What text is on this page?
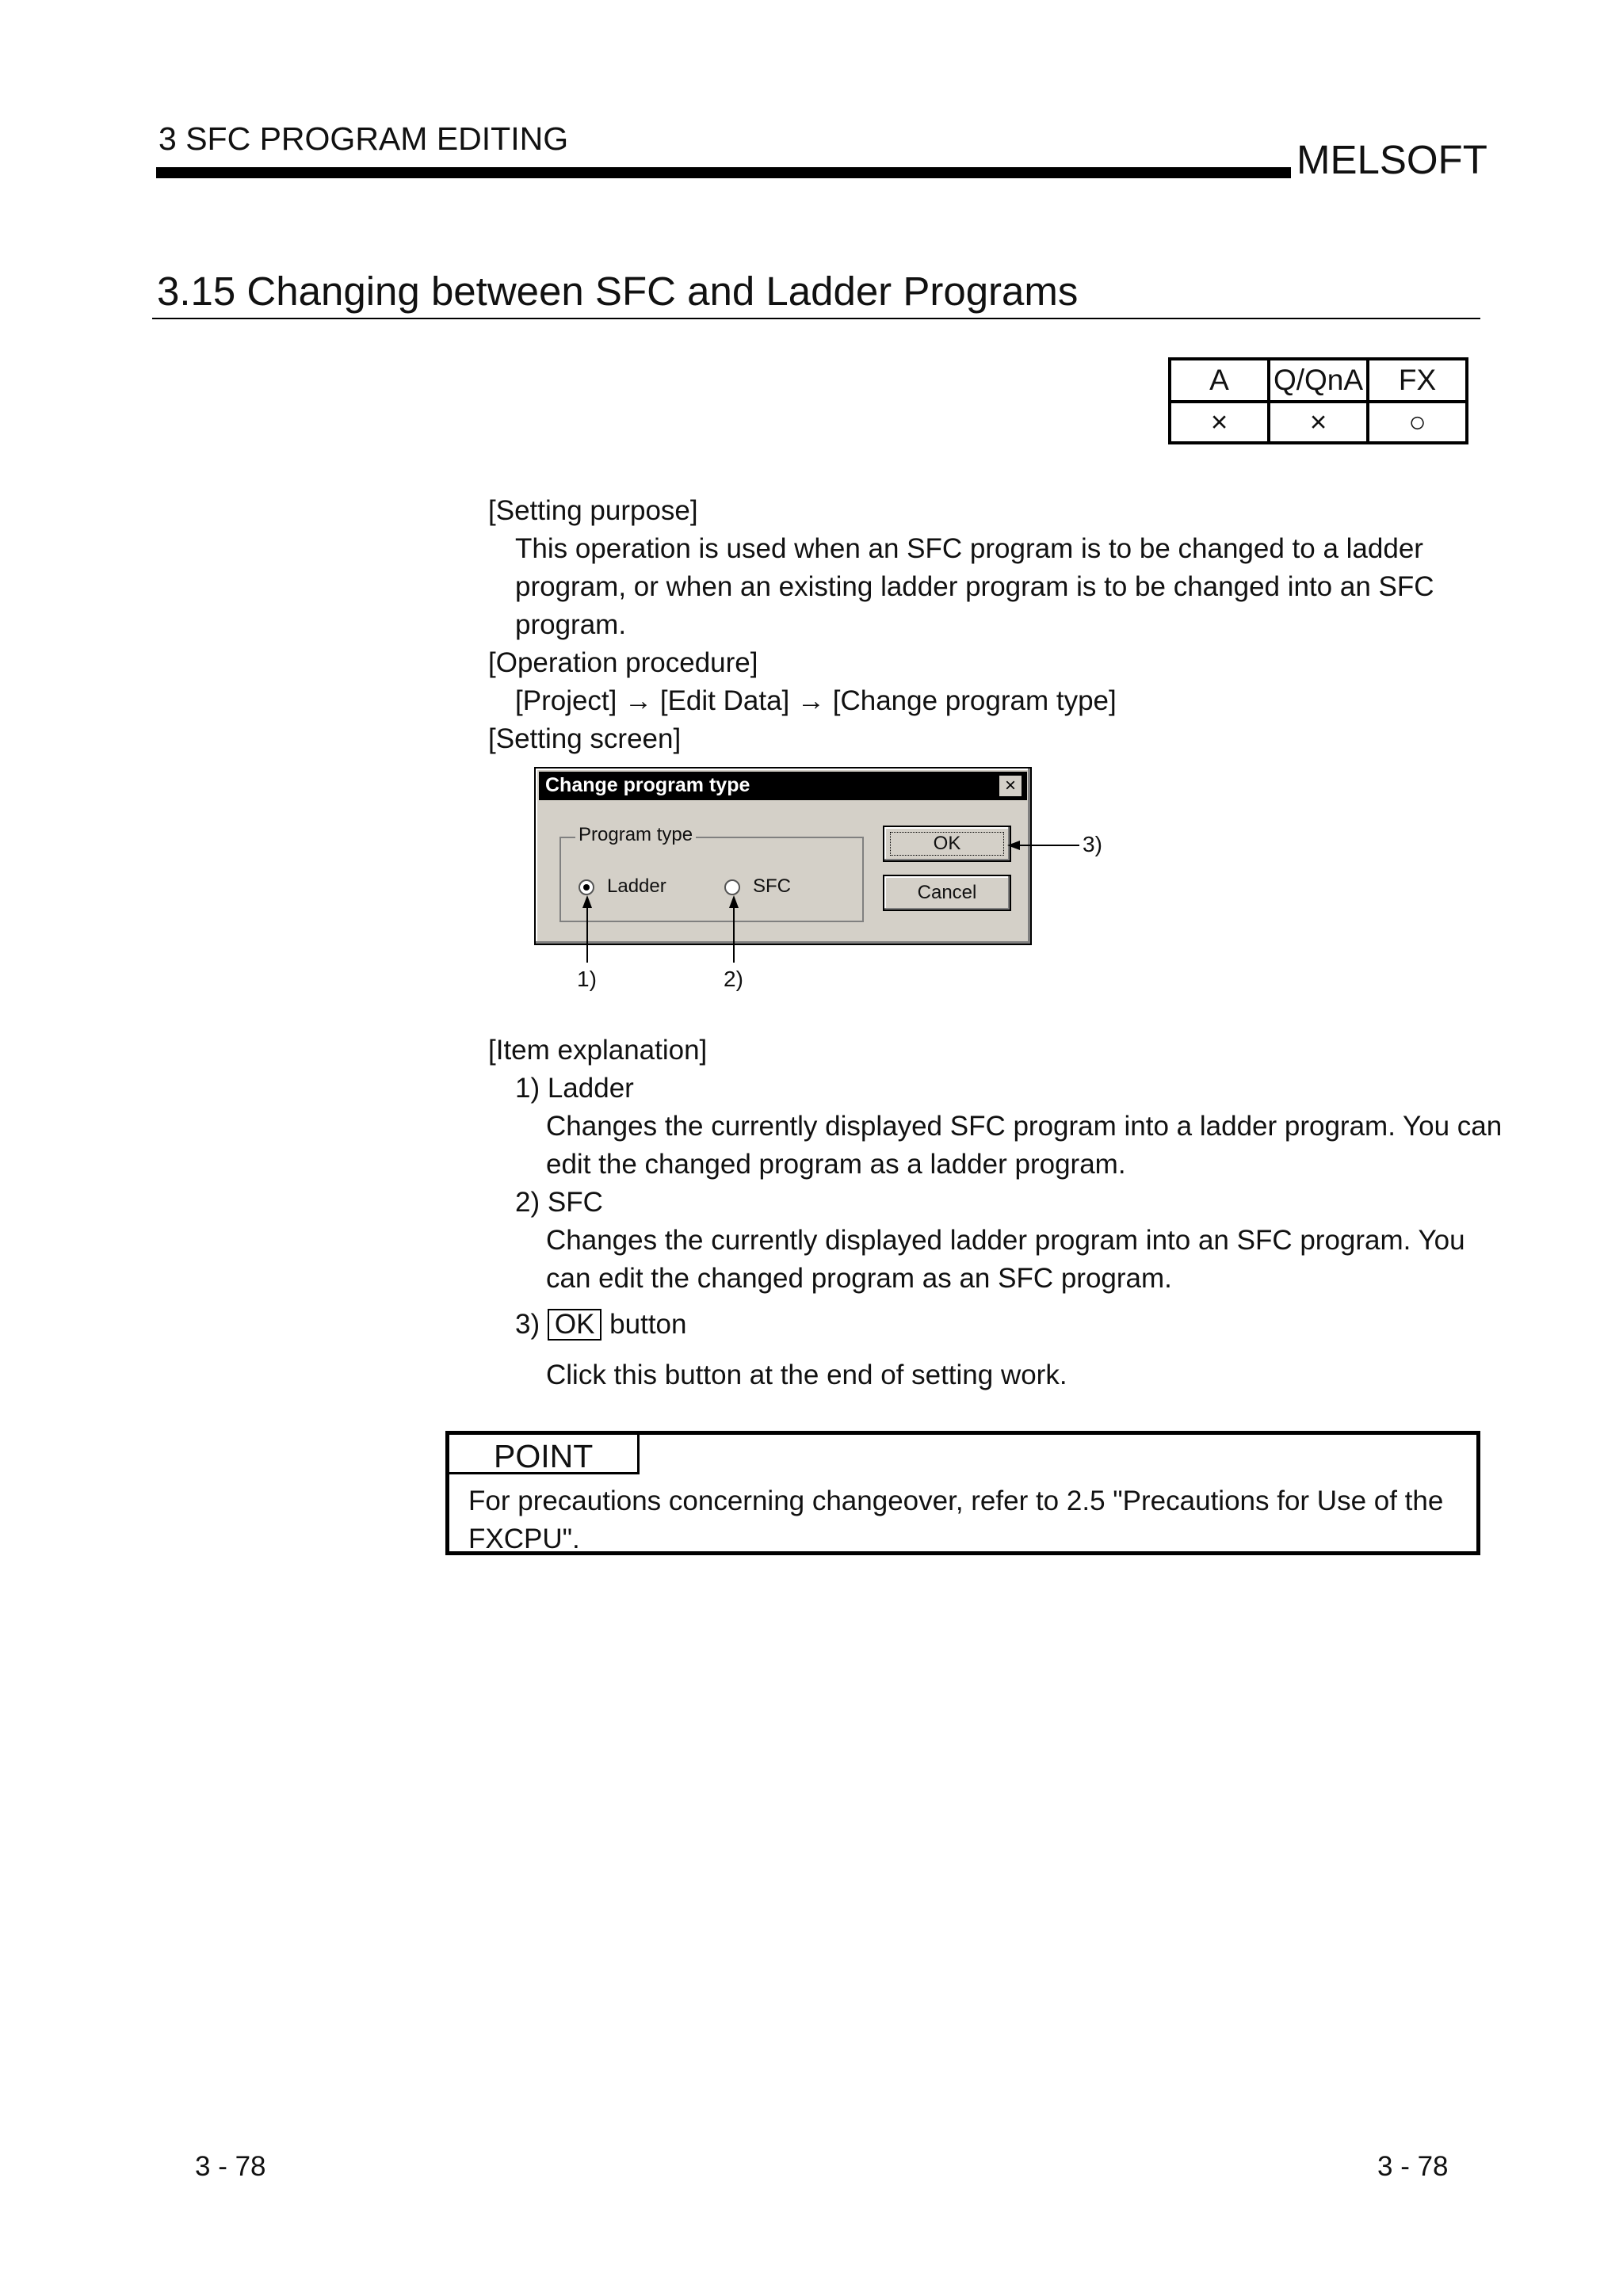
3 SFC PROGRAM EDITING	MELSOFT
3.15 Changing between SFC and Ladder Programs
A	Q/QnA	FX
×	×	○
[Setting purpose]
This operation is used when an SFC program is to be changed to a ladder
program, or when an existing ladder program is to be changed into an SFC
program.
[Operation procedure]
[Project] → [Edit Data] → [Change program type]
[Setting screen]
Change program type	×
Program type
Ladder	SFC
OK
Cancel
1)	2)
3)
[Item explanation]
1) Ladder
Changes the currently displayed SFC program into a ladder program. You can
edit the changed program as a ladder program.
2) SFC
Changes the currently displayed ladder program into an SFC program. You
can edit the changed program as an SFC program.
3) OK button
Click this button at the end of setting work.
POINT
For precautions concerning changeover, refer to 2.5 "Precautions for Use of the
FXCPU".
3 - 78	3 - 78
